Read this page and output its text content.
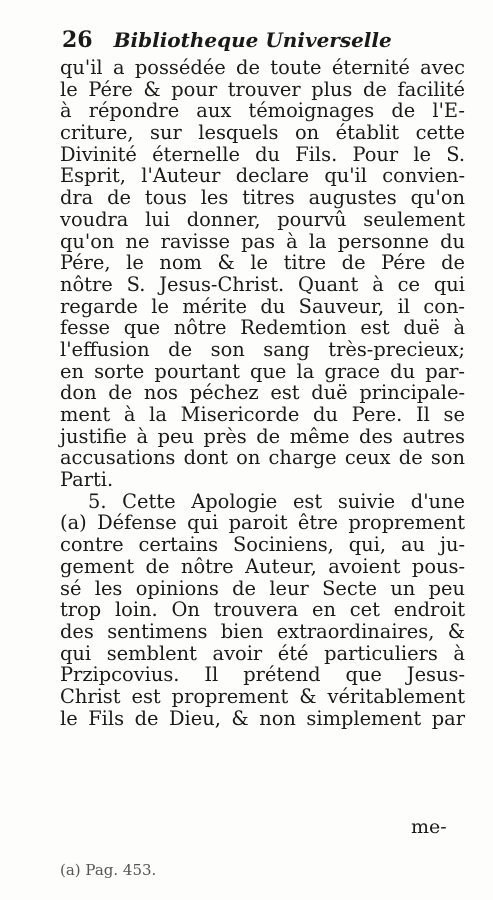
26 Bibliotheque Universelle
qu'il a possédée de toute éternité avec
le Pére & pour trouver plus de facilité
à répondre aux témoignages de l'E-
criture, sur lesquels on établit cette
Divinité éternelle du Fils. Pour le S.
Esprit, l'Auteur declare qu'il convien-
dra de tous les titres augustes qu'on
voudra lui donner, pourvû seulement
qu'on ne ravisse pas à la personne du
Pére, le nom & le titre de Pére de
nôtre S. Jesus-Christ. Quant à ce qui
regarde le mérite du Sauveur, il con-
fesse que nôtre Redemtion est duë à
l'effusion de son sang très-precieux;
en sorte pourtant que la grace du par-
don de nos péchez est duë principale-
ment à la Misericorde du Pere. Il se
justifie à peu près de même des autres
accusations dont on charge ceux de son
Parti.
5. Cette Apologie est suivie d'une
(a) Défense qui paroit être proprement
contre certains Sociniens, qui, au ju-
gement de nôtre Auteur, avoient pous-
sé les opinions de leur Secte un peu
trop loin. On trouvera en cet endroit
des sentimens bien extraordinaires, &
qui semblent avoir été particuliers à
Przipcovius. Il prétend que Jesus-
Christ est proprement & véritablement
le Fils de Dieu, & non simplement par
me-
(a) Pag. 453.
